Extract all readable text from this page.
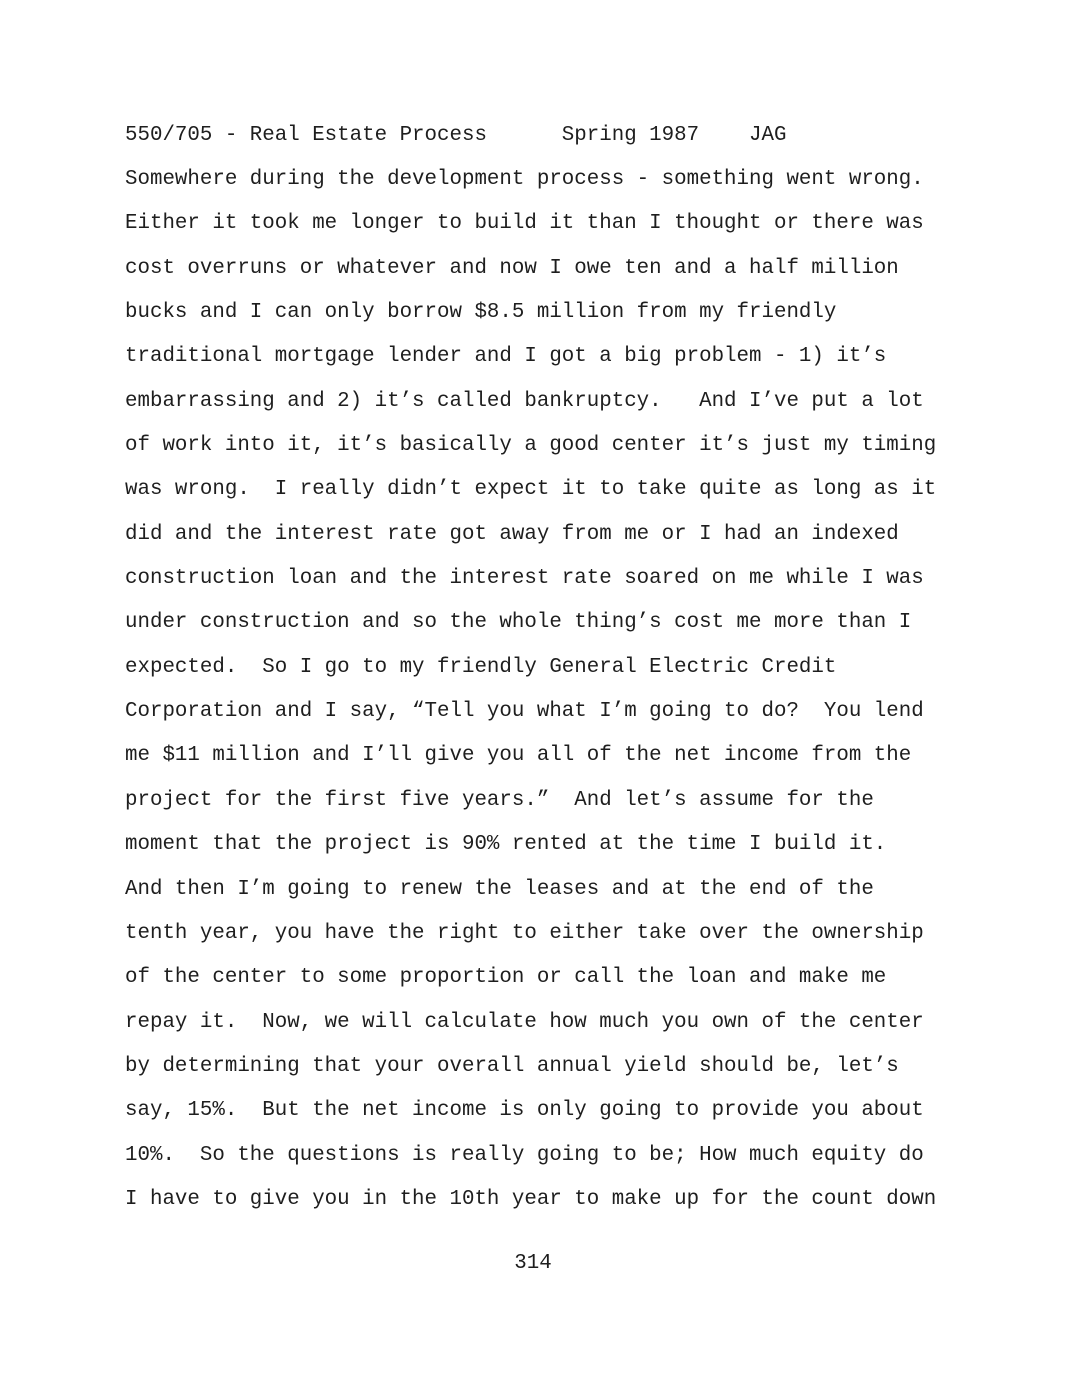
550/705 - Real Estate Process      Spring 1987    JAG
Somewhere during the development process - something went wrong.
Either it took me longer to build it than I thought or there was
cost overruns or whatever and now I owe ten and a half million
bucks and I can only borrow $8.5 million from my friendly
traditional mortgage lender and I got a big problem - 1) it’s
embarrassing and 2) it’s called bankruptcy.   And I’ve put a lot
of work into it, it’s basically a good center it’s just my timing
was wrong.  I really didn’t expect it to take quite as long as it
did and the interest rate got away from me or I had an indexed
construction loan and the interest rate soared on me while I was
under construction and so the whole thing’s cost me more than I
expected.  So I go to my friendly General Electric Credit
Corporation and I say, “Tell you what I’m going to do?  You lend
me $11 million and I’ll give you all of the net income from the
project for the first five years.”  And let’s assume for the
moment that the project is 90% rented at the time I build it.
And then I’m going to renew the leases and at the end of the
tenth year, you have the right to either take over the ownership
of the center to some proportion or call the loan and make me
repay it.  Now, we will calculate how much you own of the center
by determining that your overall annual yield should be, let’s
say, 15%.  But the net income is only going to provide you about
10%.  So the questions is really going to be; How much equity do
I have to give you in the 10th year to make up for the count down
314
